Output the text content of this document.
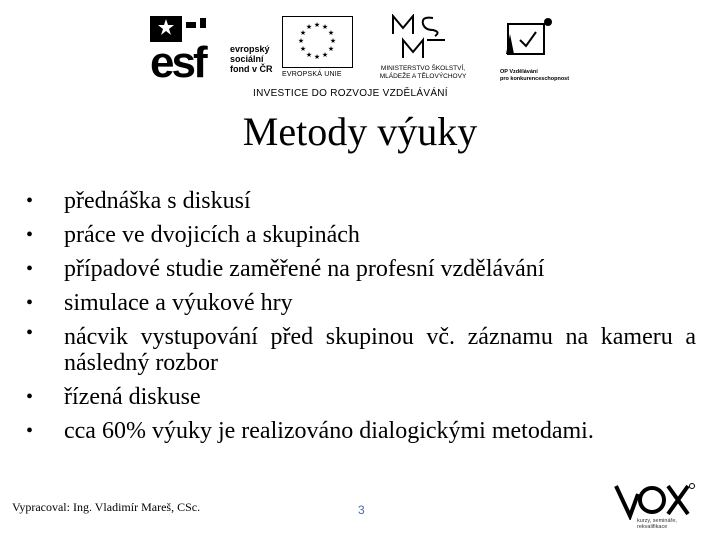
esf	evropský
sociální
fond v ČR
★ ★
★
★
★
★
★
★
★
★
★
★
EVROPSKÁ UNIE
MINISTERSTVO ŠKOLSTVÍ,
MLÁDEŽE A TĚLOVÝCHOVY
OP Vzdělávání
pro konkurenceschopnost
INVESTICE DO ROZVOJE VZDĚLÁVÁNÍ
Metody výuky
• přednáška s diskusí
• práce ve dvojicích a skupinách
• případové studie zaměřené na profesní vzdělávání
• simulace a výukové hry
• nácvik vystupování před skupinou vč. záznamu na kameru a následný rozbor
• řízená diskuse
• cca 60% výuky je realizováno dialogickými metodami.
Vypracoval: Ing. Vladimír Mareš, CSc.	3
kurzy, semináře,
rekvalifikace
